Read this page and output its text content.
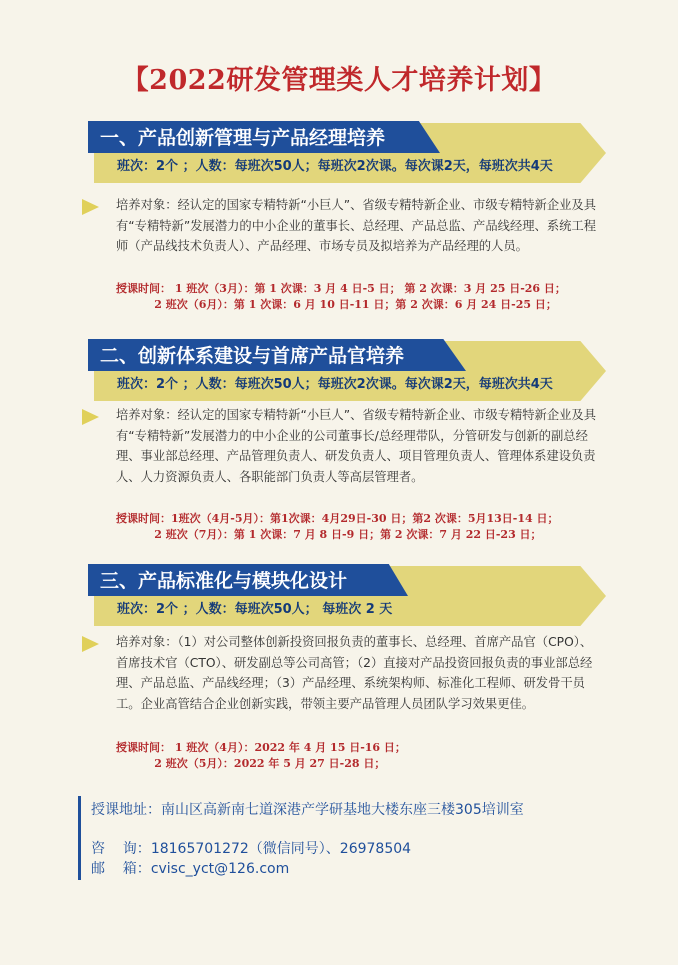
【2022研发管理类人才培养计划】
一、产品创新管理与产品经理培养
班次：2个 ；人数：每班次50人；每班次2次课。每次课2天，每班次共4天
培养对象：经认定的国家专精特新“小巨人”、省级专精特新企业、市级专精特新企业及具有“专精特新”发展潜力的中小企业的董事长、总经理、产品总监、产品线经理、系统工程师（产品线技术负责人）、产品经理、市场专员及拟培养为产品经理的人员。
授课时间： 1 班次（3月）：第 1 次课：3 月 4 日-5 日； 第 2 次课：3 月 25 日-26 日；
2 班次（6月）：第 1 次课：6 月 10 日-11 日；第 2 次课：6 月 24 日-25 日；
二、创新体系建设与首席产品官培养
班次：2个 ；人数：每班次50人；每班次2次课。每次课2天，每班次共4天
培养对象：经认定的国家专精特新“小巨人”、省级专精特新企业、市级专精特新企业及具有“专精特新”发展潜力的中小企业的公司董事长/总经理带队，分管研发与创新的副总经理、事业部总经理、产品管理负责人、研发负责人、项目管理负责人、管理体系建设负责人、人力资源负责人、各职能部门负责人等高层管理者。
授课时间：1班次（4月-5月）：第1次课：4月29日-30 日；第2 次课：5月13日-14 日；
2 班次（7月）：第 1 次课：7 月 8 日-9 日；第 2 次课：7 月 22 日-23 日；
三、产品标准化与模块化设计
班次：2个 ；人数：每班次50人； 每班次 2 天
培养对象：（1）对公司整体创新投资回报负责的董事长、总经理、首席产品官（CPO）、首席技术官（CTO）、研发副总等公司高管；（2）直接对产品投资回报负责的事业部总经理、产品总监、产品线经理；（3）产品经理、系统架构师、标准化工程师、研发骨干员工。企业高管结合企业创新实践，带领主要产品管理人员团队学习效果更佳。
授课时间： 1 班次（4月）：2022 年 4 月 15 日-16 日；
2 班次（5月）：2022 年 5 月 27 日-28 日；
授课地址：南山区高新南七道深港产学研基地大楼东座三楼305培训室
咨    询：18165701272（微信同号）、26978504
邮    箱：cvisc_yct@126.com
